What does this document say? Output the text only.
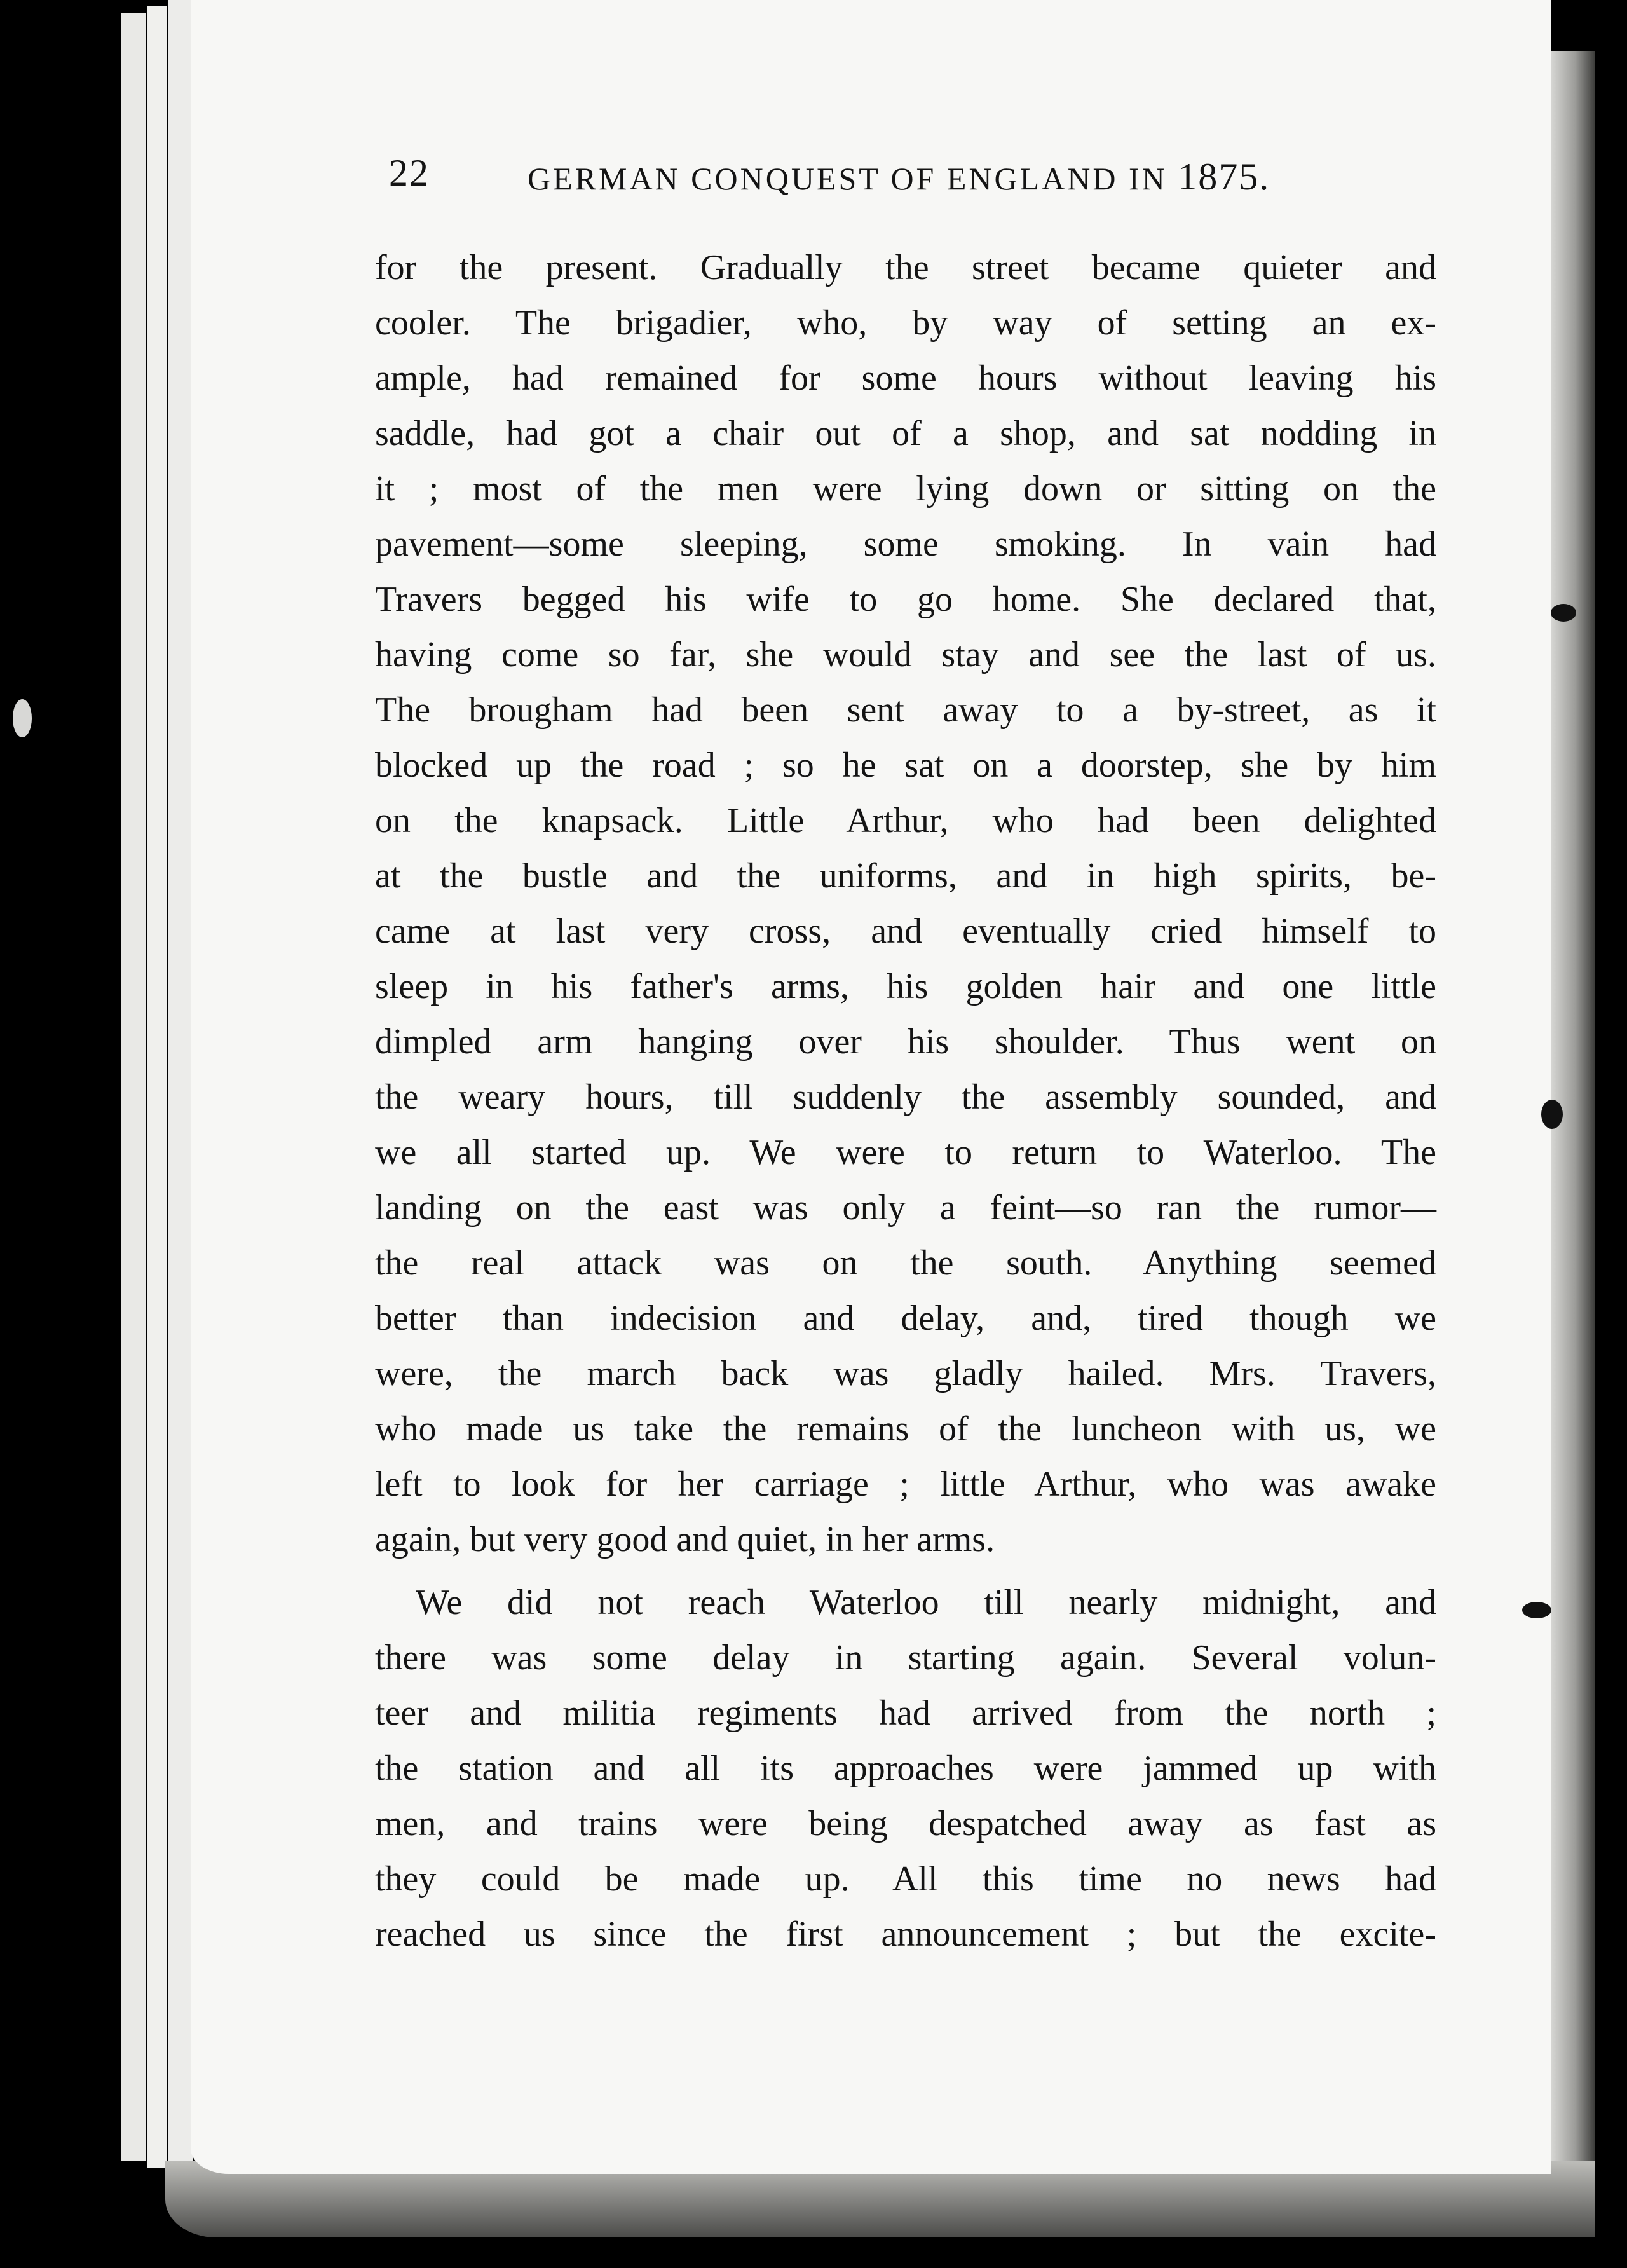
22	GERMAN CONQUEST OF ENGLAND IN 1875.
for the present. Gradually the street became quieter and
cooler. The brigadier, who, by way of setting an ex-
ample, had remained for some hours without leaving his
saddle, had got a chair out of a shop, and sat nodding in
it ; most of the men were lying down or sitting on the
pavement—some sleeping, some smoking. In vain had
Travers begged his wife to go home. She declared that,
having come so far, she would stay and see the last of us.
The brougham had been sent away to a by-street, as it
blocked up the road ; so he sat on a doorstep, she by him
on the knapsack. Little Arthur, who had been delighted
at the bustle and the uniforms, and in high spirits, be-
came at last very cross, and eventually cried himself to
sleep in his father's arms, his golden hair and one little
dimpled arm hanging over his shoulder. Thus went on
the weary hours, till suddenly the assembly sounded, and
we all started up. We were to return to Waterloo. The
landing on the east was only a feint—so ran the rumor—
the real attack was on the south. Anything seemed
better than indecision and delay, and, tired though we
were, the march back was gladly hailed. Mrs. Travers,
who made us take the remains of the luncheon with us, we
left to look for her carriage ; little Arthur, who was awake
again, but very good and quiet, in her arms.
We did not reach Waterloo till nearly midnight, and
there was some delay in starting again. Several volun-
teer and militia regiments had arrived from the north ;
the station and all its approaches were jammed up with
men, and trains were being despatched away as fast as
they could be made up. All this time no news had
reached us since the first announcement ; but the excite-
